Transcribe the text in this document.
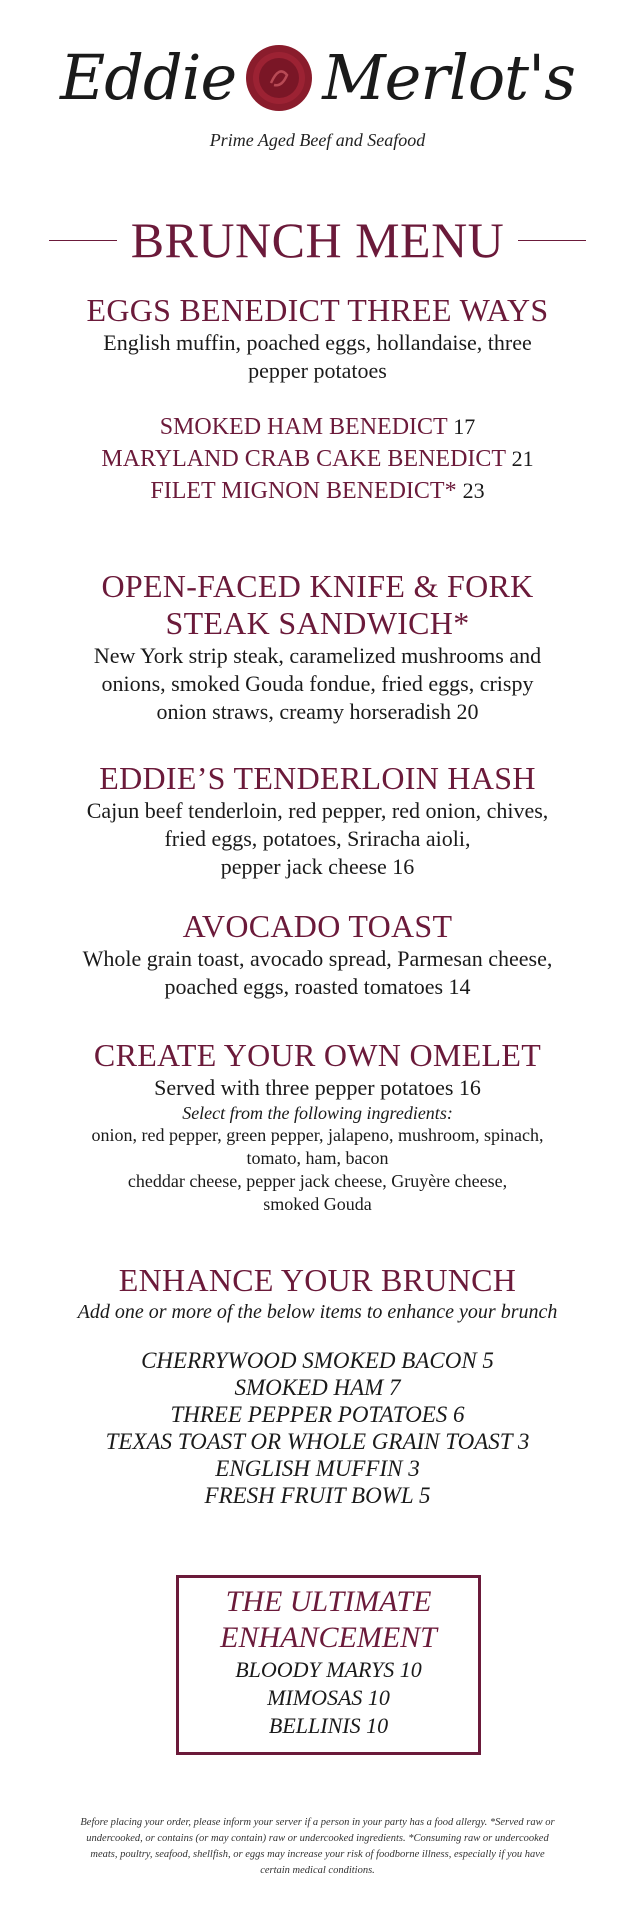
Eddie Merlot's
Prime Aged Beef and Seafood
BRUNCH MENU
EGGS BENEDICT THREE WAYS
English muffin, poached eggs, hollandaise, three
pepper potatoes
SMOKED HAM BENEDICT 17
MARYLAND CRAB CAKE BENEDICT 21
FILET MIGNON BENEDICT* 23
OPEN-FACED KNIFE & FORK
STEAK SANDWICH*
New York strip steak, caramelized mushrooms and
onions, smoked Gouda fondue, fried eggs, crispy
onion straws, creamy horseradish 20
EDDIE’S TENDERLOIN HASH
Cajun beef tenderloin, red pepper, red onion, chives,
fried eggs, potatoes, Sriracha aioli,
pepper jack cheese 16
AVOCADO TOAST
Whole grain toast, avocado spread, Parmesan cheese,
poached eggs, roasted tomatoes 14
CREATE YOUR OWN OMELET
Served with three pepper potatoes 16
Select from the following ingredients:
onion, red pepper, green pepper, jalapeno, mushroom, spinach,
tomato, ham, bacon
cheddar cheese, pepper jack cheese, Gruyère cheese,
smoked Gouda
ENHANCE YOUR BRUNCH
Add one or more of the below items to enhance your brunch
CHERRYWOOD SMOKED BACON 5
SMOKED HAM 7
THREE PEPPER POTATOES 6
TEXAS TOAST OR WHOLE GRAIN TOAST 3
ENGLISH MUFFIN 3
FRESH FRUIT BOWL 5
THE ULTIMATE
ENHANCEMENT
BLOODY MARYS 10
MIMOSAS 10
BELLINIS 10
Before placing your order, please inform your server if a person in your party has a food allergy. *Served raw or
undercooked, or contains (or may contain) raw or undercooked ingredients. *Consuming raw or undercooked
meats, poultry, seafood, shellfish, or eggs may increase your risk of foodborne illness, especially if you have
certain medical conditions.
